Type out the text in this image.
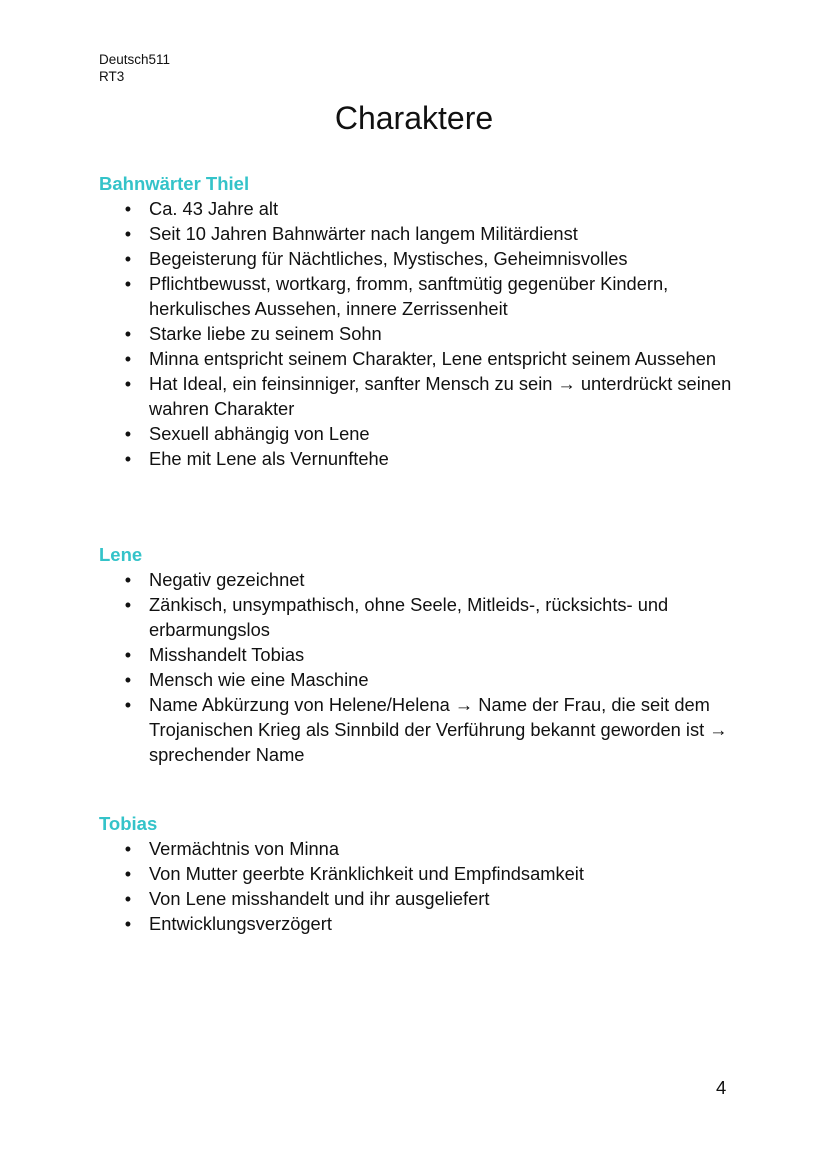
Deutsch511
RT3
Charaktere
Bahnwärter Thiel
• Ca. 43 Jahre alt
• Seit 10 Jahren Bahnwärter nach langem Militärdienst
• Begeisterung für Nächtliches, Mystisches, Geheimnisvolles
• Pflichtbewusst, wortkarg, fromm, sanftmütig gegenüber Kindern, herkulisches Aussehen, innere Zerrissenheit
• Starke liebe zu seinem Sohn
• Minna entspricht seinem Charakter, Lene entspricht seinem Aussehen
• Hat Ideal, ein feinsinniger, sanfter Mensch zu sein → unterdrückt seinen wahren Charakter
• Sexuell abhängig von Lene
• Ehe mit Lene als Vernunftehe
Lene
• Negativ gezeichnet
• Zänkisch, unsympathisch, ohne Seele, Mitleids-, rücksichts- und erbarmungslos
• Misshandelt Tobias
• Mensch wie eine Maschine
• Name Abkürzung von Helene/Helena → Name der Frau, die seit dem Trojanischen Krieg als Sinnbild der Verführung bekannt geworden ist → sprechender Name
Tobias
• Vermächtnis von Minna
• Von Mutter geerbte Kränklichkeit und Empfindsamkeit
• Von Lene misshandelt und ihr ausgeliefert
• Entwicklungsverzögert
4
